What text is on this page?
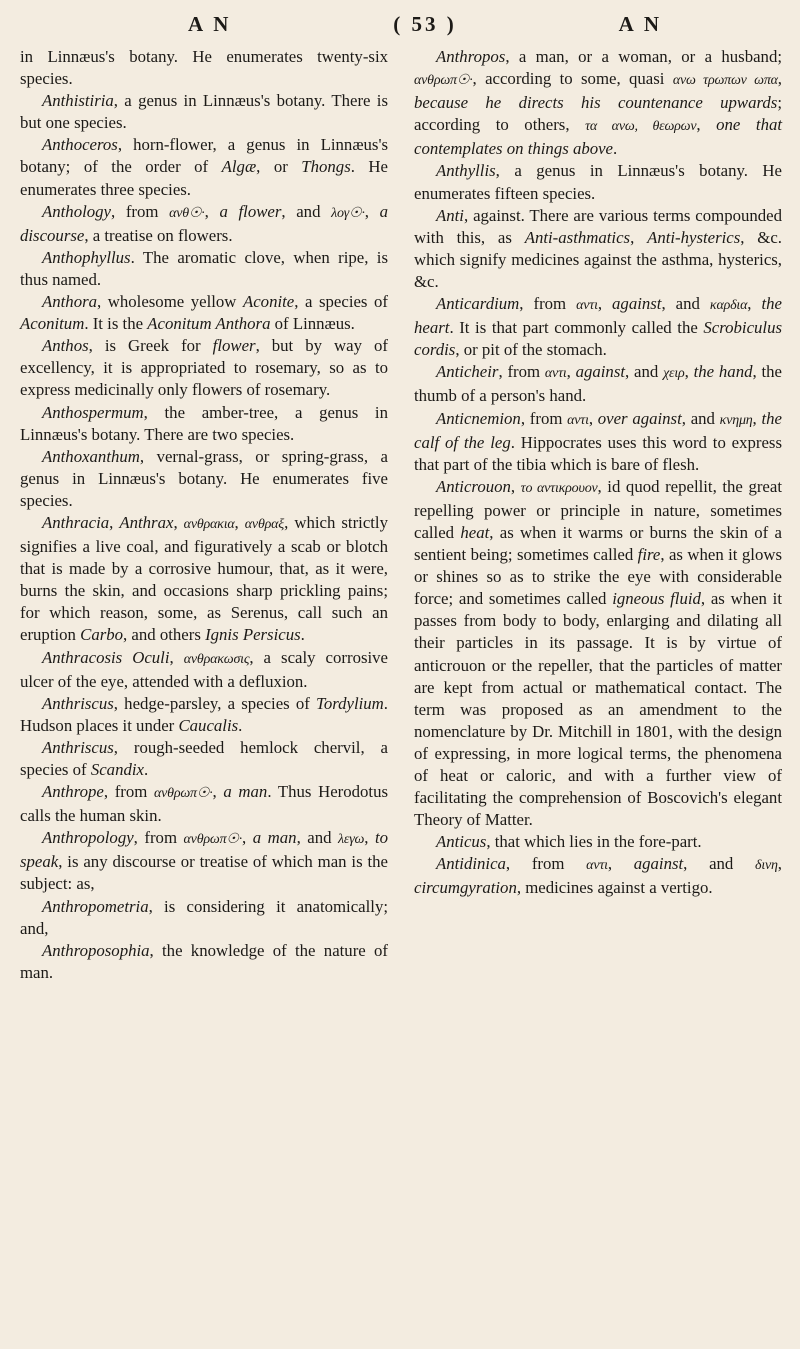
A N	( 53 )	A N

in Linnæus's botany. He enumerates twenty-six species.

Anthistiria, a genus in Linnæus's botany. There is but one species.

Anthoceros, horn-flower, a genus in Linnæus's botany; of the order of Algæ, or Thongs. He enumerates three species.

Anthology, from ανθ☉·, a flower, and λογ☉·, a discourse, a treatise on flowers.

Anthophyllus. The aromatic clove, when ripe, is thus named.

Anthora, wholesome yellow Aconite, a species of Aconitum. It is the Aconitum Anthora of Linnæus.

Anthos, is Greek for flower, but by way of excellency, it is appropriated to rosemary, so as to express medicinally only flowers of rosemary.

Anthospermum, the amber-tree, a genus in Linnæus's botany. There are two species.

Anthoxanthum, vernal-grass, or spring-grass, a genus in Linnæus's botany. He enumerates five species.

Anthracia, Anthrax, ανθρακια, ανθραξ, which strictly signifies a live coal, and figuratively a scab or blotch that is made by a corrosive humour, that, as it were, burns the skin, and occasions sharp prickling pains; for which reason, some, as Serenus, call such an eruption Carbo, and others Ignis Persicus.

Anthracosis Oculi, ανθρακωσις, a scaly corrosive ulcer of the eye, attended with a defluxion.

Anthriscus, hedge-parsley, a species of Tordylium. Hudson places it under Caucalis.

Anthriscus, rough-seeded hemlock chervil, a species of Scandix.

Anthrope, from ανθρωπ☉·, a man. Thus Herodotus calls the human skin.

Anthropology, from ανθρωπ☉·, a man, and λεγω, to speak, is any discourse or treatise of which man is the subject: as,

Anthropometria, is considering it anatomically; and,

Anthroposophia, the knowledge of the nature of man.

Anthropos, a man, or a woman, or a husband; ανθρωπ☉·, according to some, quasi ανω τρωπων ωπα, because he directs his countenance upwards; according to others, τα ανω, θεωρων, one that contemplates on things above.

Anthyllis, a genus in Linnæus's botany. He enumerates fifteen species.

Anti, against. There are various terms compounded with this, as Anti-asthmatics, Anti-hysterics, &c. which signify medicines against the asthma, hysterics, &c.

Anticardium, from αντι, against, and καρδια, the heart. It is that part commonly called the Scrobiculus cordis, or pit of the stomach.

Anticheir, from αντι, against, and χειρ, the hand, the thumb of a person's hand.

Anticnemion, from αντι, over against, and κνημη, the calf of the leg. Hippocrates uses this word to express that part of the tibia which is bare of flesh.

Anticrouon, το αντικρουον, id quod repellit, the great repelling power or principle in nature, sometimes called heat, as when it warms or burns the skin of a sentient being; sometimes called fire, as when it glows or shines so as to strike the eye with considerable force; and sometimes called igneous fluid, as when it passes from body to body, enlarging and dilating all their particles in its passage. It is by virtue of anticrouon or the repeller, that the particles of matter are kept from actual or mathematical contact. The term was proposed as an amendment to the nomenclature by Dr. Mitchill in 1801, with the design of expressing, in more logical terms, the phenomena of heat or caloric, and with a further view of facilitating the comprehension of Boscovich's elegant Theory of Matter.

Anticus, that which lies in the fore-part.

Antidinica, from αντι, against, and δινη, circumgyration, medicines against a vertigo.
